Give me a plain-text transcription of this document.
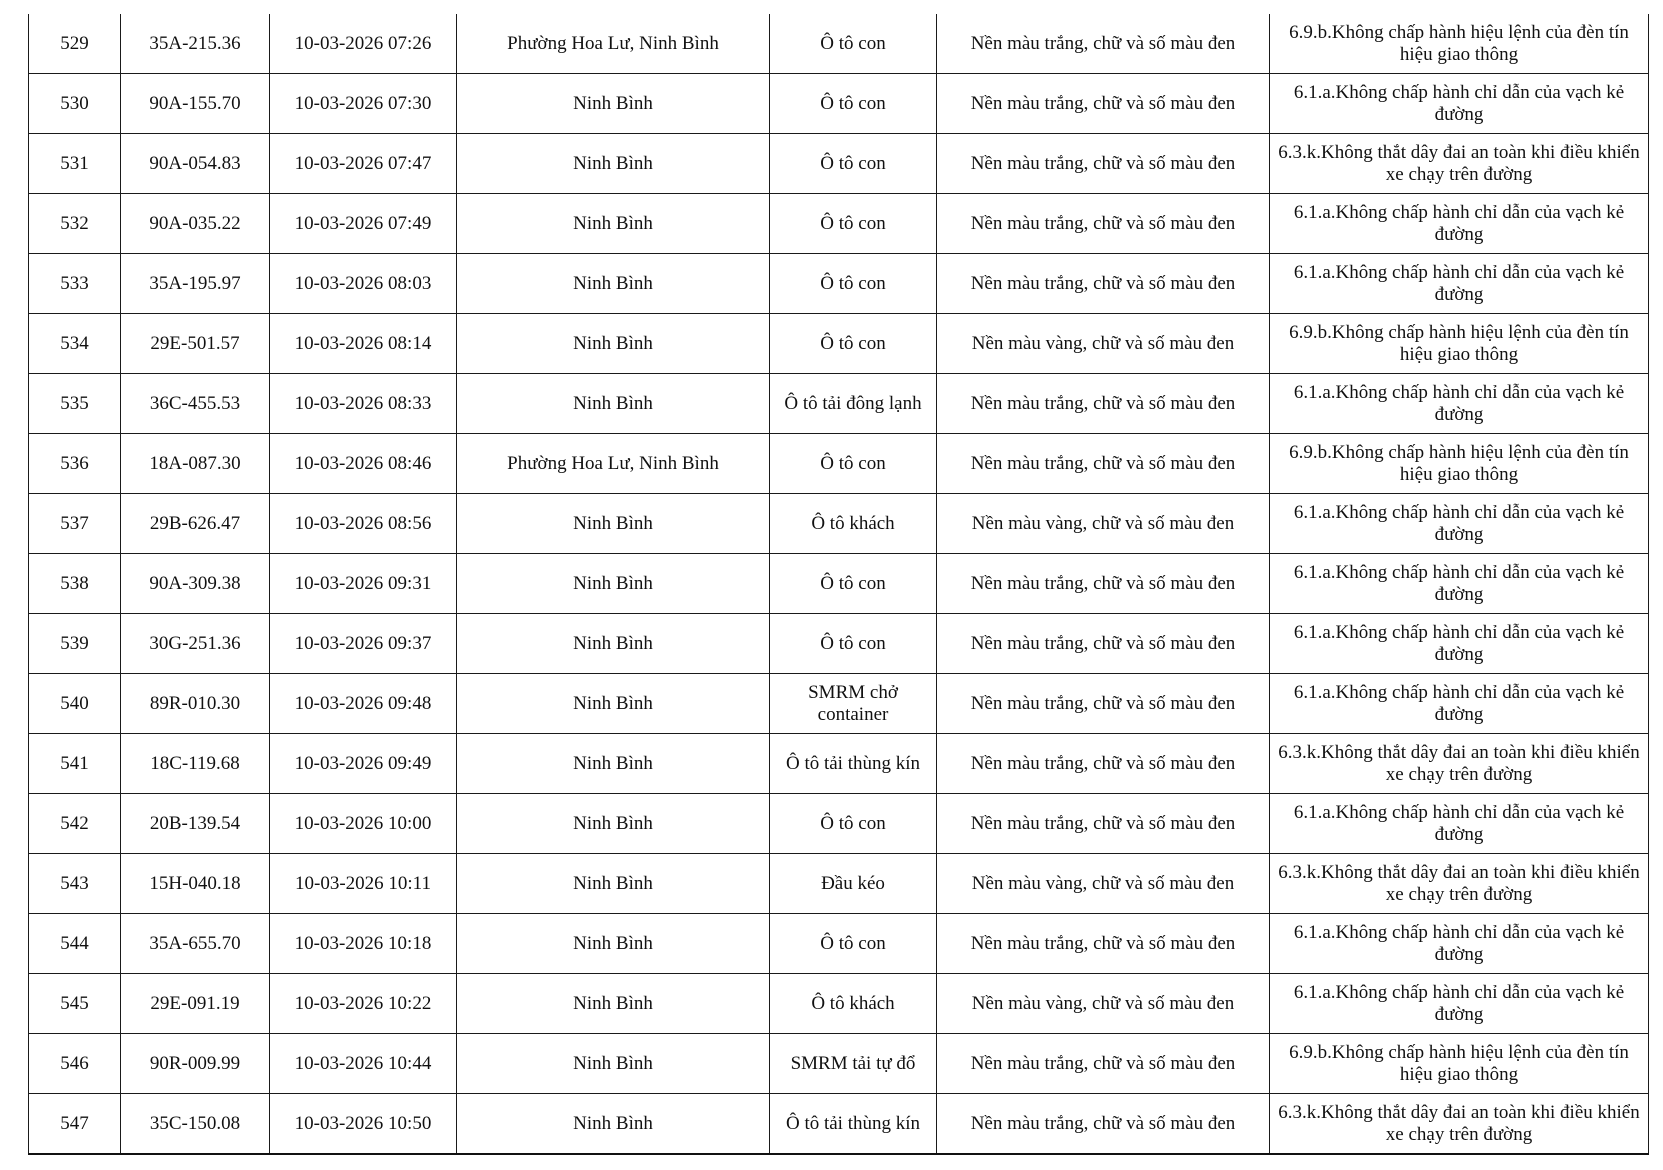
529	35A-215.36	10-03-2026 07:26	Phường Hoa Lư, Ninh Bình	Ô tô con	Nền màu trắng, chữ và số màu đen	6.9.b.Không chấp hành hiệu lệnh của đèn tín hiệu giao thông
530	90A-155.70	10-03-2026 07:30	Ninh Bình	Ô tô con	Nền màu trắng, chữ và số màu đen	6.1.a.Không chấp hành chỉ dẫn của vạch kẻ đường
531	90A-054.83	10-03-2026 07:47	Ninh Bình	Ô tô con	Nền màu trắng, chữ và số màu đen	6.3.k.Không thắt dây đai an toàn khi điều khiển xe chạy trên đường
532	90A-035.22	10-03-2026 07:49	Ninh Bình	Ô tô con	Nền màu trắng, chữ và số màu đen	6.1.a.Không chấp hành chỉ dẫn của vạch kẻ đường
533	35A-195.97	10-03-2026 08:03	Ninh Bình	Ô tô con	Nền màu trắng, chữ và số màu đen	6.1.a.Không chấp hành chỉ dẫn của vạch kẻ đường
534	29E-501.57	10-03-2026 08:14	Ninh Bình	Ô tô con	Nền màu vàng, chữ và số màu đen	6.9.b.Không chấp hành hiệu lệnh của đèn tín hiệu giao thông
535	36C-455.53	10-03-2026 08:33	Ninh Bình	Ô tô tải đông lạnh	Nền màu trắng, chữ và số màu đen	6.1.a.Không chấp hành chỉ dẫn của vạch kẻ đường
536	18A-087.30	10-03-2026 08:46	Phường Hoa Lư, Ninh Bình	Ô tô con	Nền màu trắng, chữ và số màu đen	6.9.b.Không chấp hành hiệu lệnh của đèn tín hiệu giao thông
537	29B-626.47	10-03-2026 08:56	Ninh Bình	Ô tô khách	Nền màu vàng, chữ và số màu đen	6.1.a.Không chấp hành chỉ dẫn của vạch kẻ đường
538	90A-309.38	10-03-2026 09:31	Ninh Bình	Ô tô con	Nền màu trắng, chữ và số màu đen	6.1.a.Không chấp hành chỉ dẫn của vạch kẻ đường
539	30G-251.36	10-03-2026 09:37	Ninh Bình	Ô tô con	Nền màu trắng, chữ và số màu đen	6.1.a.Không chấp hành chỉ dẫn của vạch kẻ đường
540	89R-010.30	10-03-2026 09:48	Ninh Bình	SMRM chở container	Nền màu trắng, chữ và số màu đen	6.1.a.Không chấp hành chỉ dẫn của vạch kẻ đường
541	18C-119.68	10-03-2026 09:49	Ninh Bình	Ô tô tải thùng kín	Nền màu trắng, chữ và số màu đen	6.3.k.Không thắt dây đai an toàn khi điều khiển xe chạy trên đường
542	20B-139.54	10-03-2026 10:00	Ninh Bình	Ô tô con	Nền màu trắng, chữ và số màu đen	6.1.a.Không chấp hành chỉ dẫn của vạch kẻ đường
543	15H-040.18	10-03-2026 10:11	Ninh Bình	Đầu kéo	Nền màu vàng, chữ và số màu đen	6.3.k.Không thắt dây đai an toàn khi điều khiển xe chạy trên đường
544	35A-655.70	10-03-2026 10:18	Ninh Bình	Ô tô con	Nền màu trắng, chữ và số màu đen	6.1.a.Không chấp hành chỉ dẫn của vạch kẻ đường
545	29E-091.19	10-03-2026 10:22	Ninh Bình	Ô tô khách	Nền màu vàng, chữ và số màu đen	6.1.a.Không chấp hành chỉ dẫn của vạch kẻ đường
546	90R-009.99	10-03-2026 10:44	Ninh Bình	SMRM tải tự đổ	Nền màu trắng, chữ và số màu đen	6.9.b.Không chấp hành hiệu lệnh của đèn tín hiệu giao thông
547	35C-150.08	10-03-2026 10:50	Ninh Bình	Ô tô tải thùng kín	Nền màu trắng, chữ và số màu đen	6.3.k.Không thắt dây đai an toàn khi điều khiển xe chạy trên đường
